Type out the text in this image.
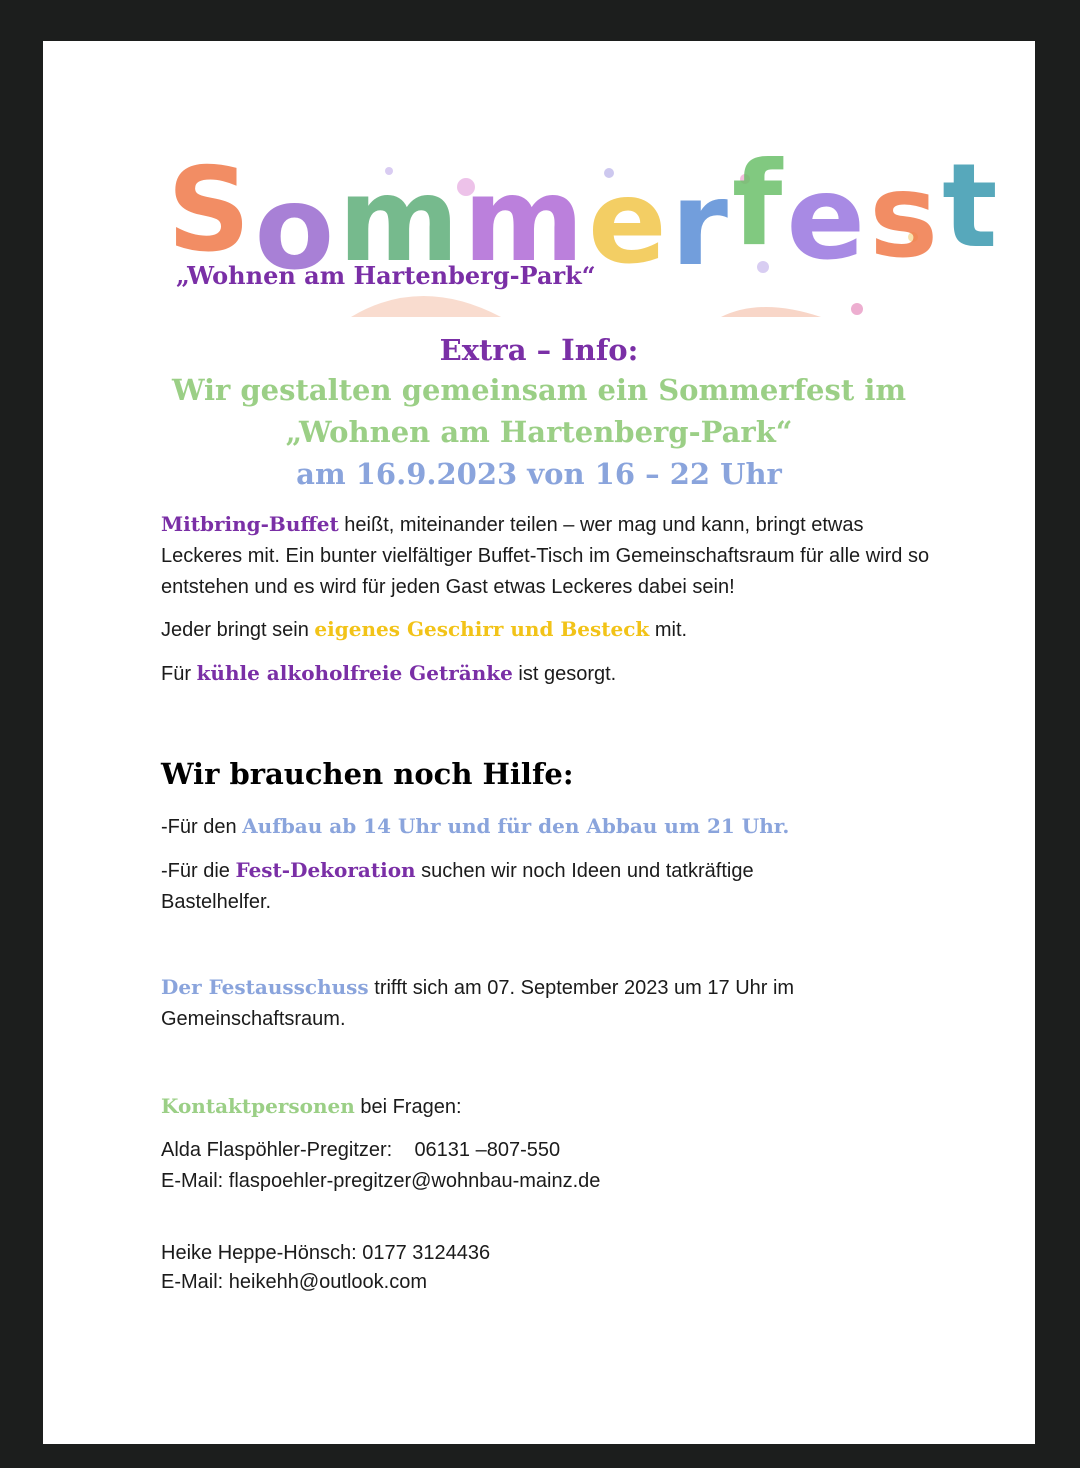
Sommerfest
„Wohnen am Hartenberg-Park“
Extra – Info:
Wir gestalten gemeinsam ein Sommerfest im
„Wohnen am Hartenberg-Park“
am 16.9.2023 von 16 – 22 Uhr
Mitbring-Buffet heißt, miteinander teilen – wer mag und kann, bringt etwas Leckeres mit. Ein bunter vielfältiger Buffet-Tisch im Gemeinschaftsraum für alle wird so entstehen und es wird für jeden Gast etwas Leckeres dabei sein!
Jeder bringt sein eigenes Geschirr und Besteck mit.
Für kühle alkoholfreie Getränke ist gesorgt.
Wir brauchen noch Hilfe:
-Für den Aufbau ab 14 Uhr und für den Abbau um 21 Uhr.
-Für die Fest-Dekoration suchen wir noch Ideen und tatkräftige Bastelhelfer.
Der Festausschuss trifft sich am 07. September 2023 um 17 Uhr im Gemeinschaftsraum.
Kontaktpersonen bei Fragen:
Alda Flaspöhler-Pregitzer:    06131 –807-550
E-Mail: flaspoehler-pregitzer@wohnbau-mainz.de
Heike Heppe-Hönsch: 0177 3124436
E-Mail: heikehh@outlook.com
